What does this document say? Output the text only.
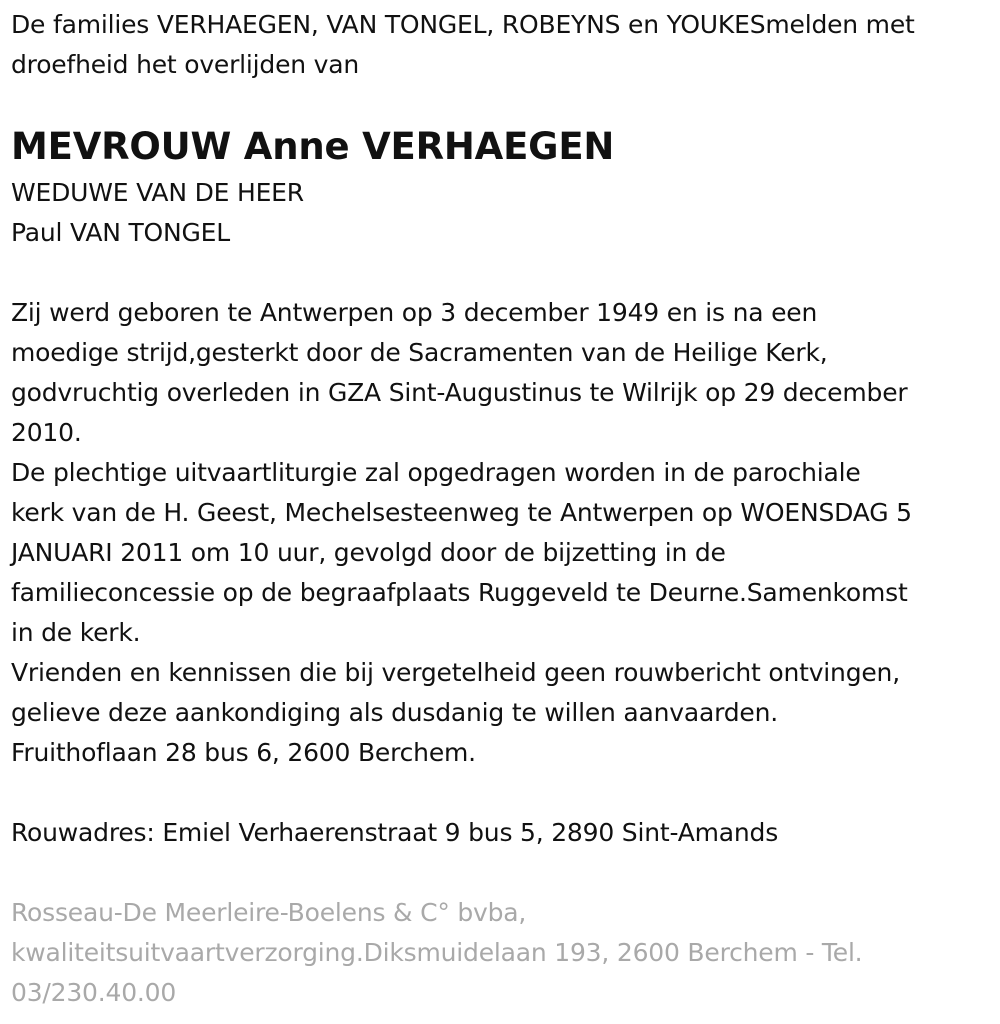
De families VERHAEGEN, VAN TONGEL, ROBEYNS en YOUKESmelden met
droefheid het overlijden van
MEVROUW Anne VERHAEGEN
WEDUWE VAN DE HEER
Paul VAN TONGEL
Zij werd geboren te Antwerpen op 3 december 1949 en is na een
moedige strijd,gesterkt door de Sacramenten van de Heilige Kerk,
godvruchtig overleden in GZA Sint-Augustinus te Wilrijk op 29 december
2010.
De plechtige uitvaartliturgie zal opgedragen worden in de parochiale
kerk van de H. Geest, Mechelsesteenweg te Antwerpen op WOENSDAG 5
JANUARI 2011 om 10 uur, gevolgd door de bijzetting in de
familieconcessie op de begraafplaats Ruggeveld te Deurne.Samenkomst
in de kerk.
Vrienden en kennissen die bij vergetelheid geen rouwbericht ontvingen,
gelieve deze aankondiging als dusdanig te willen aanvaarden.
Fruithoflaan 28 bus 6, 2600 Berchem.
Rouwadres: Emiel Verhaerenstraat 9 bus 5, 2890 Sint-Amands
Rosseau-De Meerleire-Boelens & C° bvba,
kwaliteitsuitvaartverzorging.Diksmuidelaan 193, 2600 Berchem - Tel.
03/230.40.00
